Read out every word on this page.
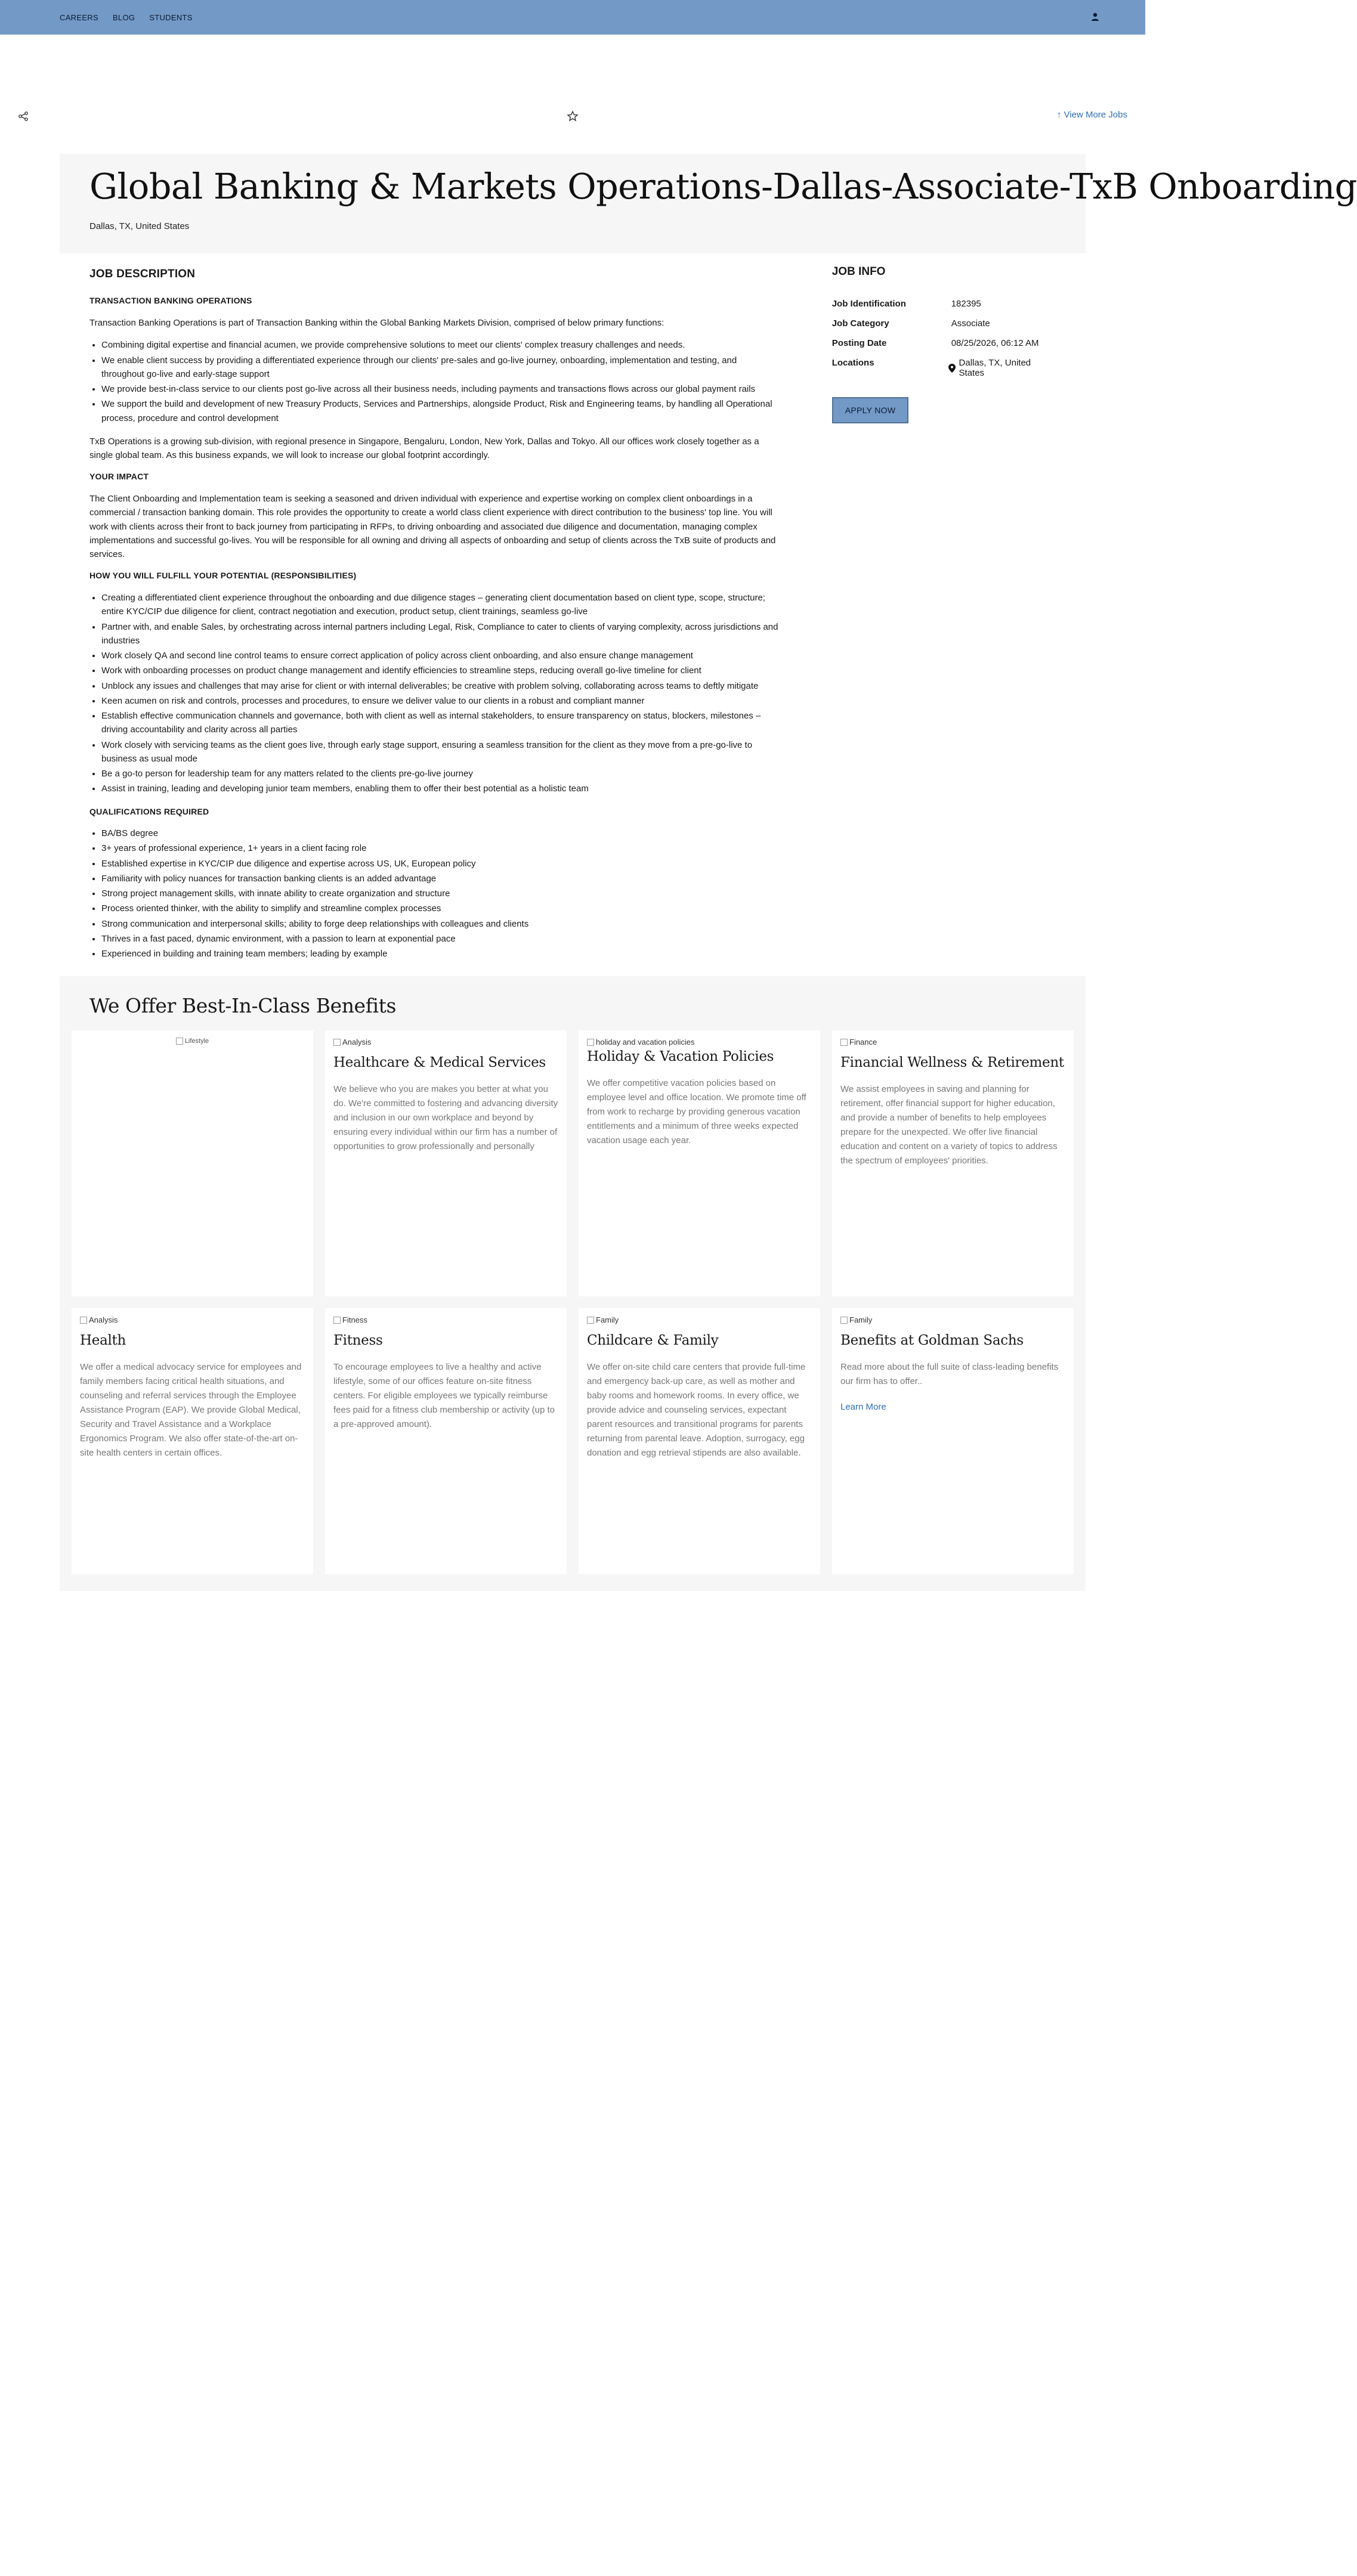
CAREERS BLOG STUDENTS
↑ View More Jobs
Global Banking & Markets Operations-Dallas-Associate-TxB Onboarding
Dallas, TX, United States
JOB DESCRIPTION
TRANSACTION BANKING OPERATIONS

Transaction Banking Operations is part of Transaction Banking within the Global Banking Markets Division, comprised of below primary functions:

• Combining digital expertise and financial acumen, we provide comprehensive solutions to meet our clients' complex treasury challenges and needs.
• We enable client success by providing a differentiated experience through our clients' pre-sales and go-live journey, onboarding, implementation and testing, and throughout go-live and early-stage support
• We provide best-in-class service to our clients post go-live across all their business needs, including payments and transactions flows across our global payment rails
• We support the build and development of new Treasury Products, Services and Partnerships, alongside Product, Risk and Engineering teams, by handling all Operational process, procedure and control development

TxB Operations is a growing sub-division, with regional presence in Singapore, Bengaluru, London, New York, Dallas and Tokyo. All our offices work closely together as a single global team. As this business expands, we will look to increase our global footprint accordingly.

YOUR IMPACT

The Client Onboarding and Implementation team is seeking a seasoned and driven individual with experience and expertise working on complex client onboardings in a commercial / transaction banking domain. This role provides the opportunity to create a world class client experience with direct contribution to the business' top line. You will work with clients across their front to back journey from participating in RFPs, to driving onboarding and associated due diligence and documentation, managing complex implementations and successful go-lives. You will be responsible for all owning and driving all aspects of onboarding and setup of clients across the TxB suite of products and services.

HOW YOU WILL FULFILL YOUR POTENTIAL (RESPONSIBILITIES)
• Creating a differentiated client experience throughout the onboarding and due diligence stages – generating client documentation based on client type, scope, structure; entire KYC/CIP due diligence for client, contract negotiation and execution, product setup, client trainings, seamless go-live
• Partner with, and enable Sales, by orchestrating across internal partners including Legal, Risk, Compliance to cater to clients of varying complexity, across jurisdictions and industries
• Work closely QA and second line control teams to ensure correct application of policy across client onboarding, and also ensure change management
• Work with onboarding processes on product change management and identify efficiencies to streamline steps, reducing overall go-live timeline for client
• Unblock any issues and challenges that may arise for client or with internal deliverables; be creative with problem solving, collaborating across teams to deftly mitigate
• Keen acumen on risk and controls, processes and procedures, to ensure we deliver value to our clients in a robust and compliant manner
• Establish effective communication channels and governance, both with client as well as internal stakeholders, to ensure transparency on status, blockers, milestones – driving accountability and clarity across all parties
• Work closely with servicing teams as the client goes live, through early stage support, ensuring a seamless transition for the client as they move from a pre-go-live to business as usual mode
• Be a go-to person for leadership team for any matters related to the clients pre-go-live journey
• Assist in training, leading and developing junior team members, enabling them to offer their best potential as a holistic team
QUALIFICATIONS REQUIRED
• BA/BS degree
• 3+ years of professional experience, 1+ years in a client facing role
• Established expertise in KYC/CIP due diligence and expertise across US, UK, European policy
• Familiarity with policy nuances for transaction banking clients is an added advantage
• Strong project management skills, with innate ability to create organization and structure
• Process oriented thinker, with the ability to simplify and streamline complex processes
• Strong communication and interpersonal skills; ability to forge deep relationships with colleagues and clients
• Thrives in a fast paced, dynamic environment, with a passion to learn at exponential pace
• Experienced in building and training team members; leading by example
JOB INFO
Job Identification	182395
Job Category	Associate
Posting Date	08/25/2026, 06:12 AM
Locations	Dallas, TX, United States
APPLY NOW
We Offer Best-In-Class Benefits
Lifestyle	Analysis
Healthcare & Medical Services

We believe who you are makes you better at what you do. We're committed to fostering and advancing diversity and inclusion in our own workplace and beyond by ensuring every individual within our firm has a number of opportunities to grow professionally and personally

holiday and vacation policies
Holiday & Vacation Policies

We offer competitive vacation policies based on employee level and office location. We promote time off from work to recharge by providing generous vacation entitlements and a minimum of three weeks expected vacation usage each year.

Finance
Financial Wellness & Retirement

We assist employees in saving and planning for retirement, offer financial support for higher education, and provide a number of benefits to help employees prepare for the unexpected. We offer live financial education and content on a variety of topics to address the spectrum of employees' priorities.

Analysis
Health

We offer a medical advocacy service for employees and family members facing critical health situations, and counseling and referral services through the Employee Assistance Program (EAP). We provide Global Medical, Security and Travel Assistance and a Workplace Ergonomics Program. We also offer state-of-the-art on-site health centers in certain offices.

Fitness
Fitness

To encourage employees to live a healthy and active lifestyle, some of our offices feature on-site fitness centers. For eligible employees we typically reimburse fees paid for a fitness club membership or activity (up to a pre-approved amount).

Family
Childcare & Family

We offer on-site child care centers that provide full-time and emergency back-up care, as well as mother and baby rooms and homework rooms. In every office, we provide advice and counseling services, expectant parent resources and transitional programs for parents returning from parental leave. Adoption, surrogacy, egg donation and egg retrieval stipends are also available.

Family
Benefits at Goldman Sachs

Read more about the full suite of class-leading benefits our firm has to offer..

Learn More
